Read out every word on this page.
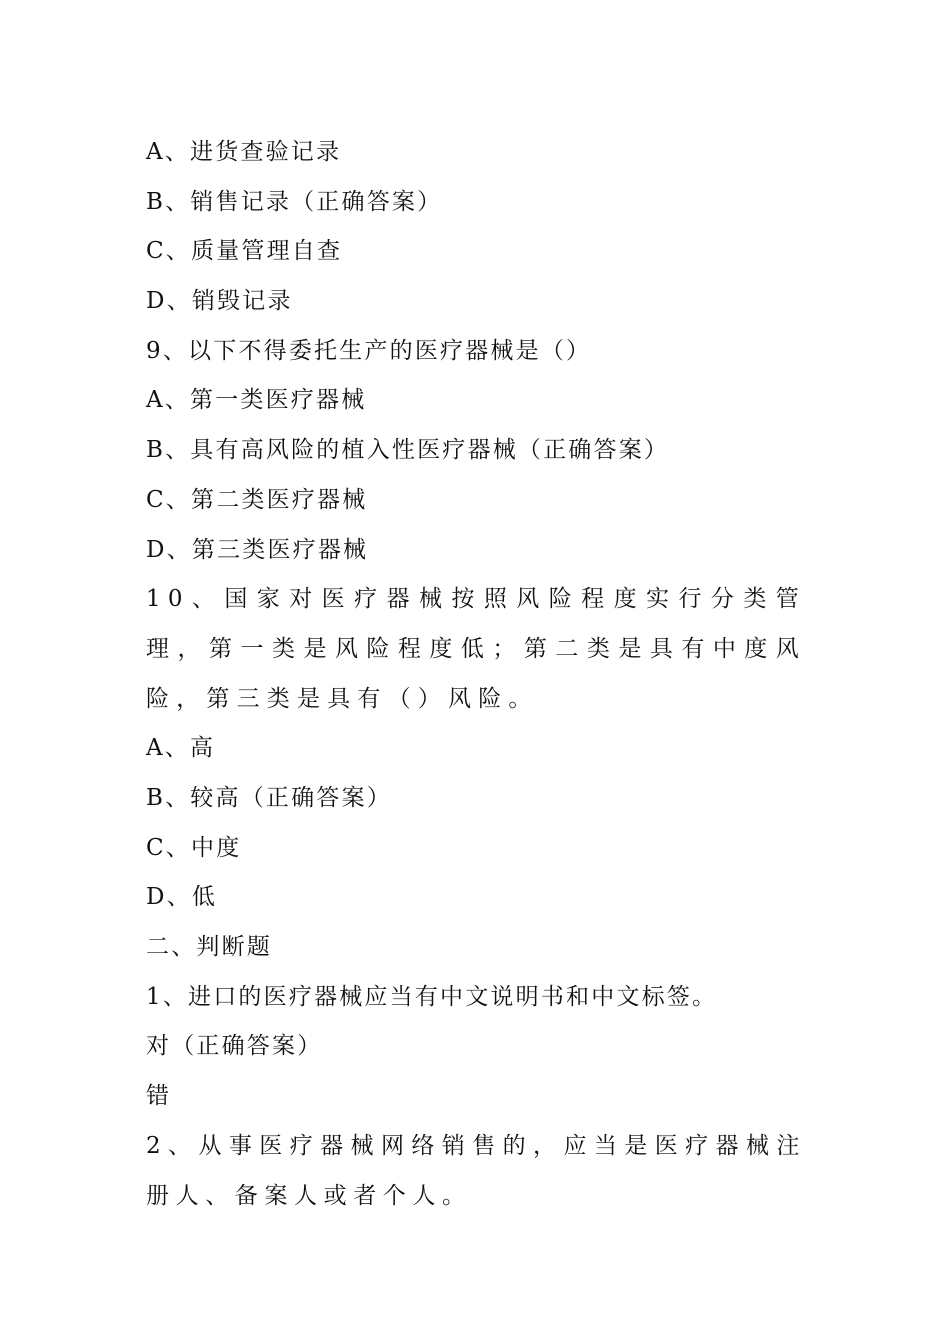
A、进货查验记录
B、销售记录（正确答案）
C、质量管理自查
D、销毁记录
9、以下不得委托生产的医疗器械是（）
A、第一类医疗器械
B、具有高风险的植入性医疗器械（正确答案）
C、第二类医疗器械
D、第三类医疗器械
10、国家对医疗器械按照风险程度实行分类管理，第一类是风险程度低；第二类是具有中度风险，第三类是具有（）风险。
A、高
B、较高（正确答案）
C、中度
D、低
二、判断题
1、进口的医疗器械应当有中文说明书和中文标签。
对（正确答案）
错
2、从事医疗器械网络销售的，应当是医疗器械注册人、备案人或者个人。
